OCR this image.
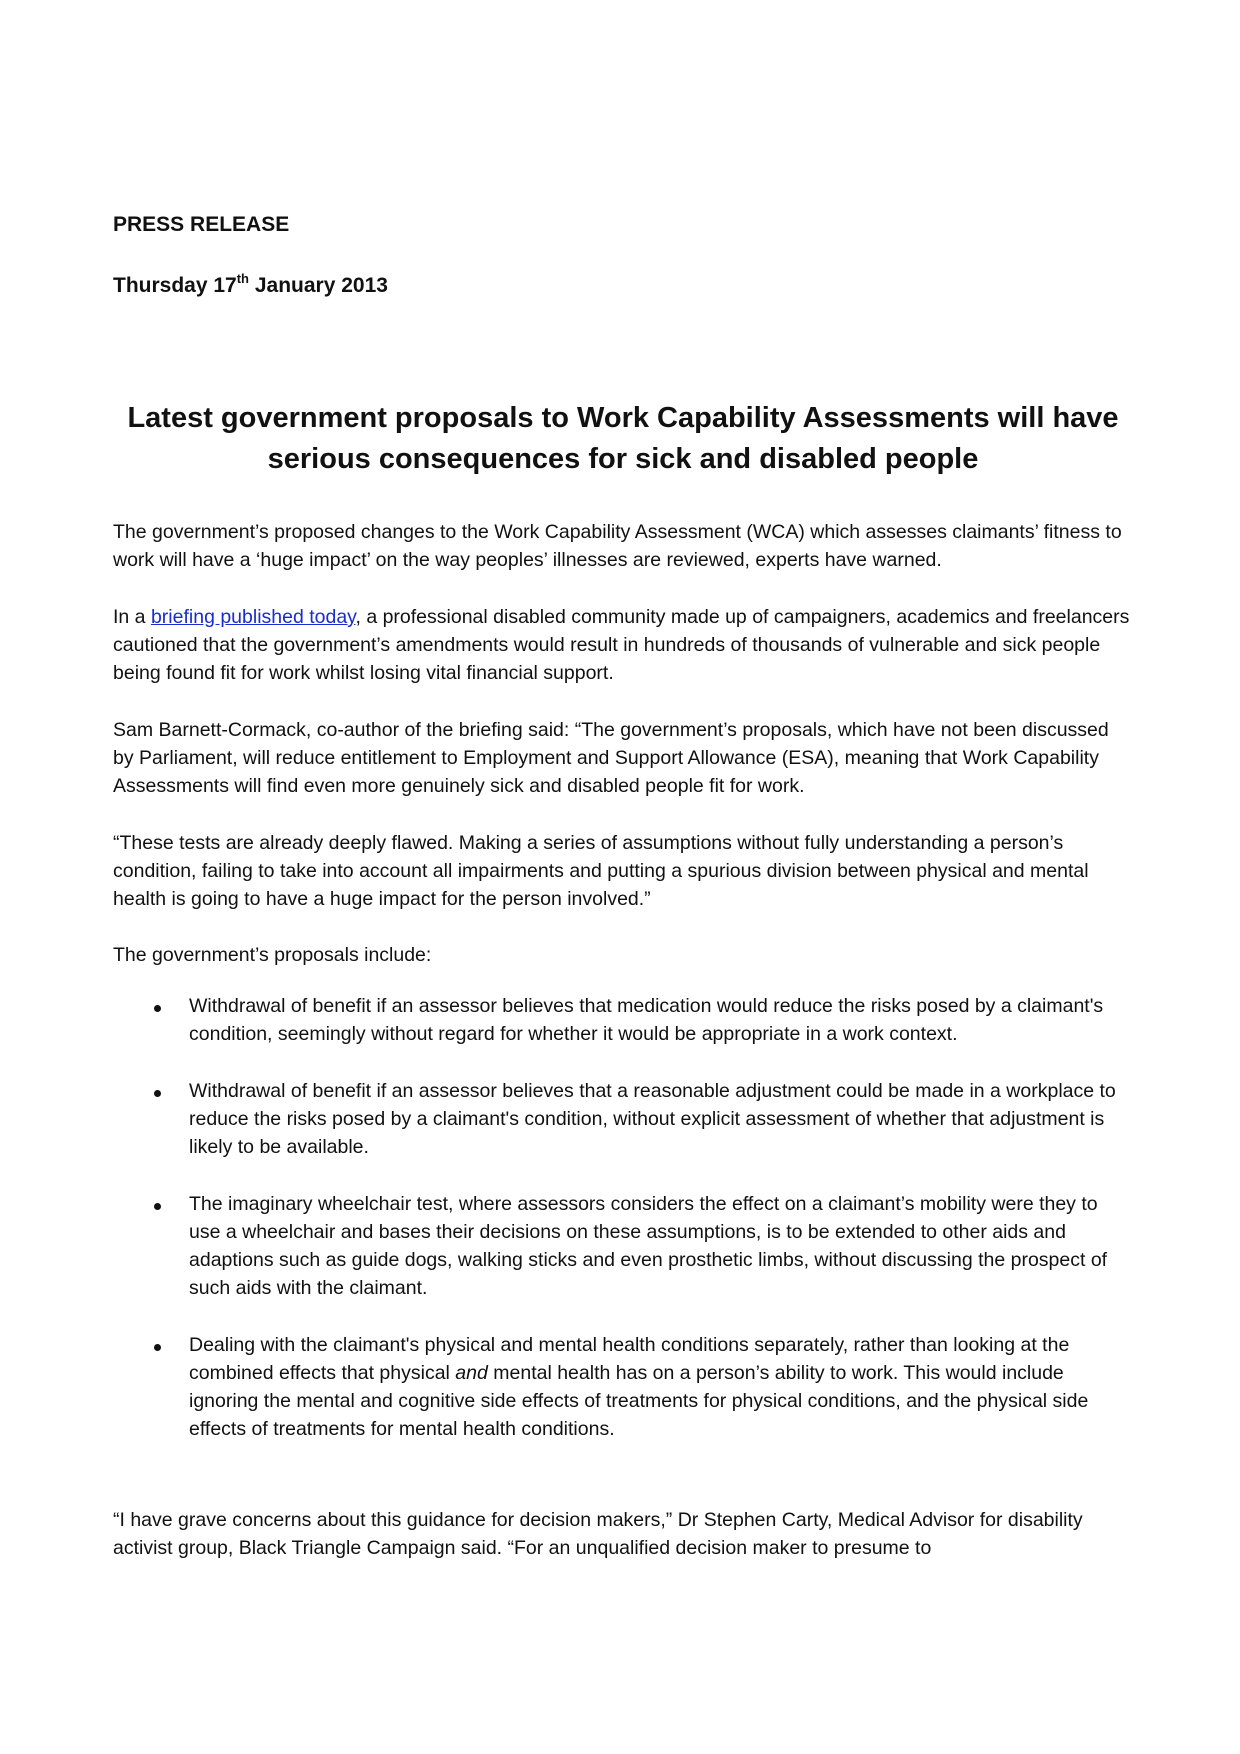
PRESS RELEASE
Thursday 17th January 2013
Latest government proposals to Work Capability Assessments will have serious consequences for sick and disabled people

The government’s proposed changes to the Work Capability Assessment (WCA) which assesses claimants’ fitness to work will have a ‘huge impact’ on the way peoples’ illnesses are reviewed, experts have warned.

In a briefing published today, a professional disabled community made up of campaigners, academics and freelancers cautioned that the government’s amendments would result in hundreds of thousands of vulnerable and sick people being found fit for work whilst losing vital financial support.

Sam Barnett-Cormack, co-author of the briefing said: “The government’s proposals, which have not been discussed by Parliament, will reduce entitlement to Employment and Support Allowance (ESA), meaning that Work Capability Assessments will find even more genuinely sick and disabled people fit for work.

“These tests are already deeply flawed. Making a series of assumptions without fully understanding a person’s condition, failing to take into account all impairments and putting a spurious division between physical and mental health is going to have a huge impact for the person involved.”

The government’s proposals include:

Withdrawal of benefit if an assessor believes that medication would reduce the risks posed by a claimant's condition, seemingly without regard for whether it would be appropriate in a work context.
Withdrawal of benefit if an assessor believes that a reasonable adjustment could be made in a workplace to reduce the risks posed by a claimant's condition, without explicit assessment of whether that adjustment is likely to be available.
The imaginary wheelchair test, where assessors considers the effect on a claimant’s mobility were they to use a wheelchair and bases their decisions on these assumptions, is to be extended to other aids and adaptions such as guide dogs, walking sticks and even prosthetic limbs, without discussing the prospect of such aids with the claimant.
Dealing with the claimant's physical and mental health conditions separately, rather than looking at the combined effects that physical and mental health has on a person’s ability to work. This would include ignoring the mental and cognitive side effects of treatments for physical conditions, and the physical side effects of treatments for mental health conditions.

“I have grave concerns about this guidance for decision makers,” Dr Stephen Carty, Medical Advisor for disability activist group, Black Triangle Campaign said. “For an unqualified decision maker to presume to
